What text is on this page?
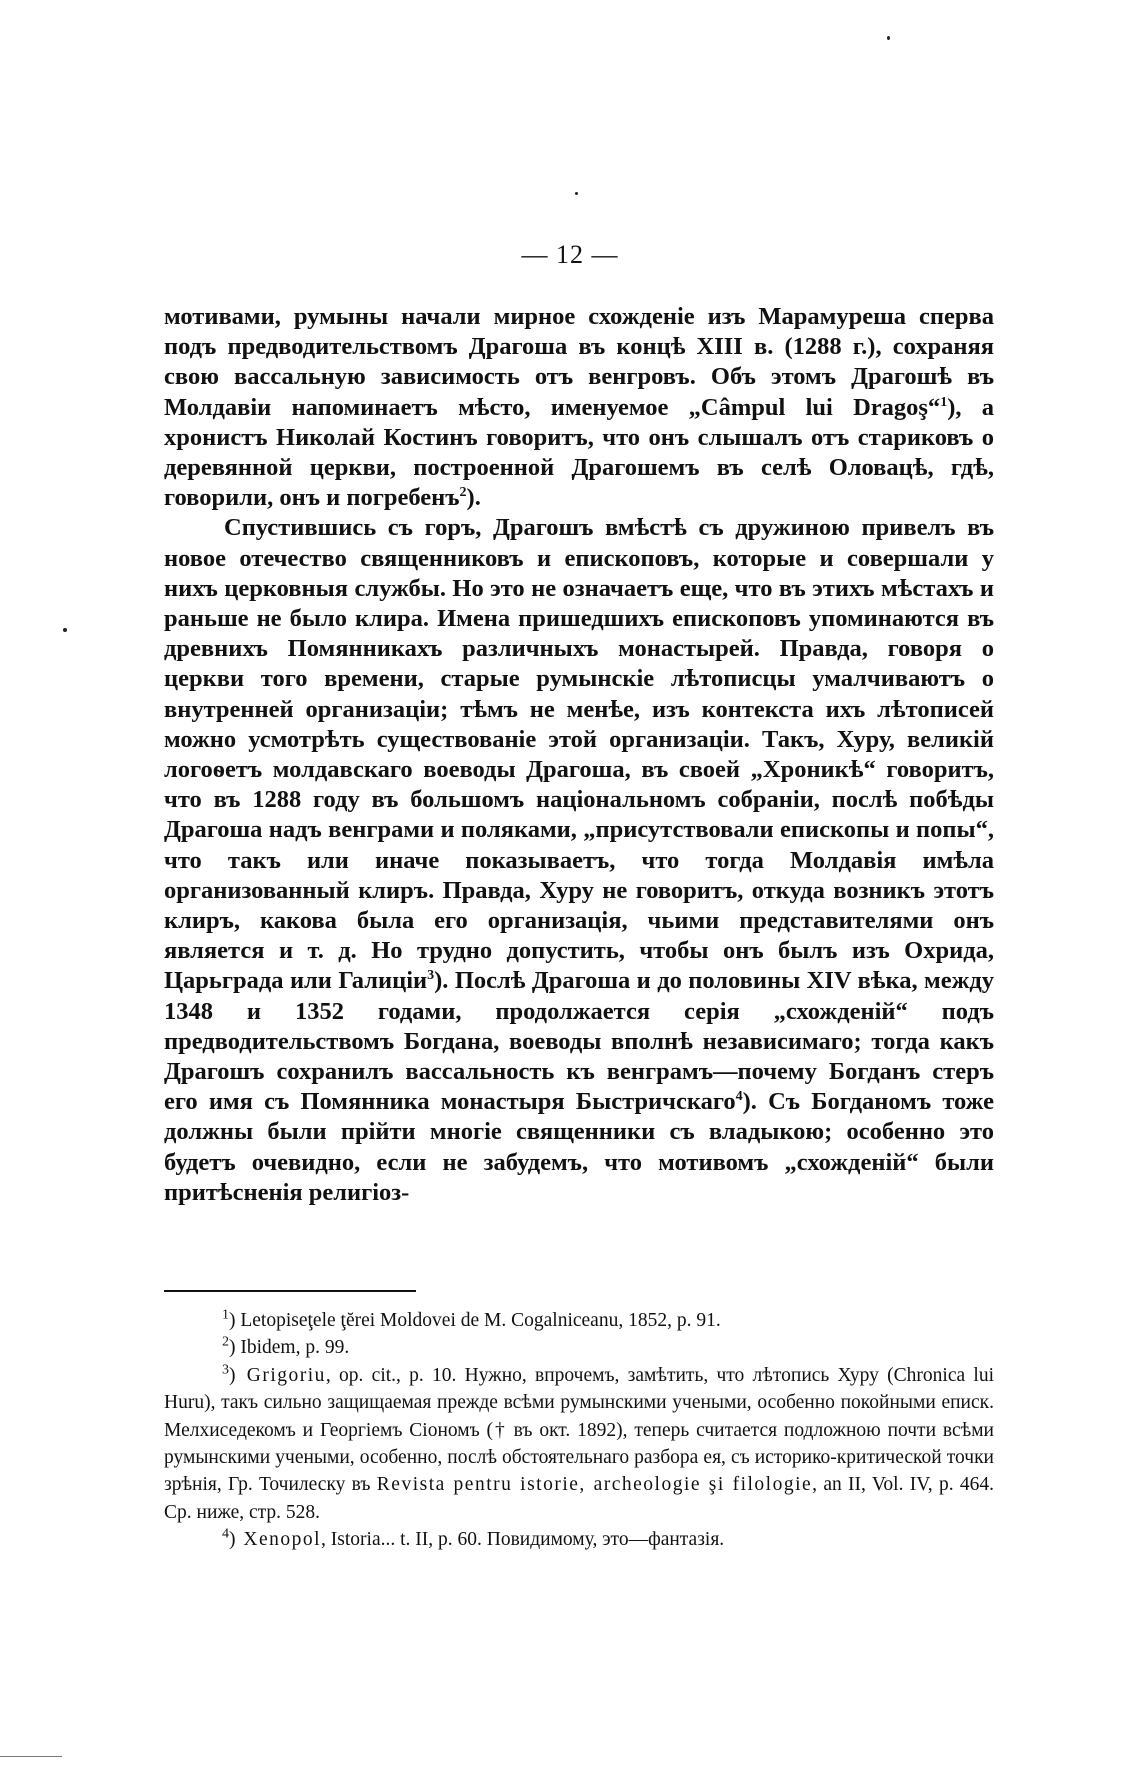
— 12 —

мотивами, румыны начали мирное схожденіе изъ Марамуреша сперва подъ предводительствомъ Драгоша въ концѣ XIII в. (1288 г.), сохраняя свою вассальную зависимость отъ венгровъ. Объ этомъ Драгошѣ въ Молдавіи напоминаетъ мѣсто, именуемое „Câmpul lui Dragoş“$^1$), а хронистъ Николай Костинъ говоритъ, что онъ слышалъ отъ стариковъ о деревянной церкви, построенной Драгошемъ въ селѣ Оловацѣ, гдѣ, говорили, онъ и погребенъ$^2$).

Спустившись съ горъ, Драгошъ вмѣстѣ съ дружиною привелъ въ новое отечество священниковъ и епископовъ, которые и совершали у нихъ церковныя службы. Но это не означаетъ еще, что въ этихъ мѣстахъ и раньше не было клира. Имена пришедшихъ епископовъ упоминаются въ древнихъ Помянникахъ различныхъ монастырей. Правда, говоря о церкви того времени, старые румынскіе лѣтописцы умалчиваютъ о внутренней организаціи; тѣмъ не менѣе, изъ контекста ихъ лѣтописей можно усмотрѣть существованіе этой организаціи. Такъ, Хуру, великій логоѳетъ молдавскаго воеводы Драгоша, въ своей „Хроникѣ“ говоритъ, что въ 1288 году въ большомъ національномъ собраніи, послѣ побѣды Драгоша надъ венграми и поляками, „присутствовали епископы и попы“, что такъ или иначе показываетъ, что тогда Молдавія имѣла организованный клиръ. Правда, Хуру не говоритъ, откуда возникъ этотъ клиръ, какова была его организація, чьими представителями онъ является и т. д. Но трудно допустить, чтобы онъ былъ изъ Охрида, Царьграда или Галиціи$^3$). Послѣ Драгоша и до половины XIV вѣка, между 1348 и 1352 годами, продолжается серія „схожденій“ подъ предводительствомъ Богдана, воеводы вполнѣ независимаго; тогда какъ Драгошъ сохранилъ вассальность къ венграмъ—почему Богданъ стеръ его имя съ Помянника монастыря Быстричскаго$^4$). Съ Богданомъ тоже должны были прійти многіе священники съ владыкою; особенно это будетъ очевидно, если не забудемъ, что мотивомъ „схожденій“ были притѣсненія религіоз-

$^1$) Letopiseţele ţĕrei Moldovei de M. Cogalniceanu, 1852, p. 91.

$^2$) Ibidem, p. 99.

$^3$) Grigoriu, op. cit., p. 10. Нужно, впрочемъ, замѣтить, что лѣтопись Хуру (Chronica lui Huru), такъ сильно защищаемая прежде всѣми румынскими учеными, особенно покойными еписк. Мелхиседекомъ и Георгіемъ Сіономъ († въ окт. 1892), теперь считается подложною почти всѣми румынскими учеными, особенно, послѣ обстоятельнаго разбора ея, съ историко-критической точки зрѣнія, Гр. Точилеску въ Revista pentru istorie, archeologie şi filologie, an II, Vol. IV, p. 464. Ср. ниже, стр. 528.

$^4$) Xenopol, Istoria... t. II, p. 60. Повидимому, это—фантазія.
